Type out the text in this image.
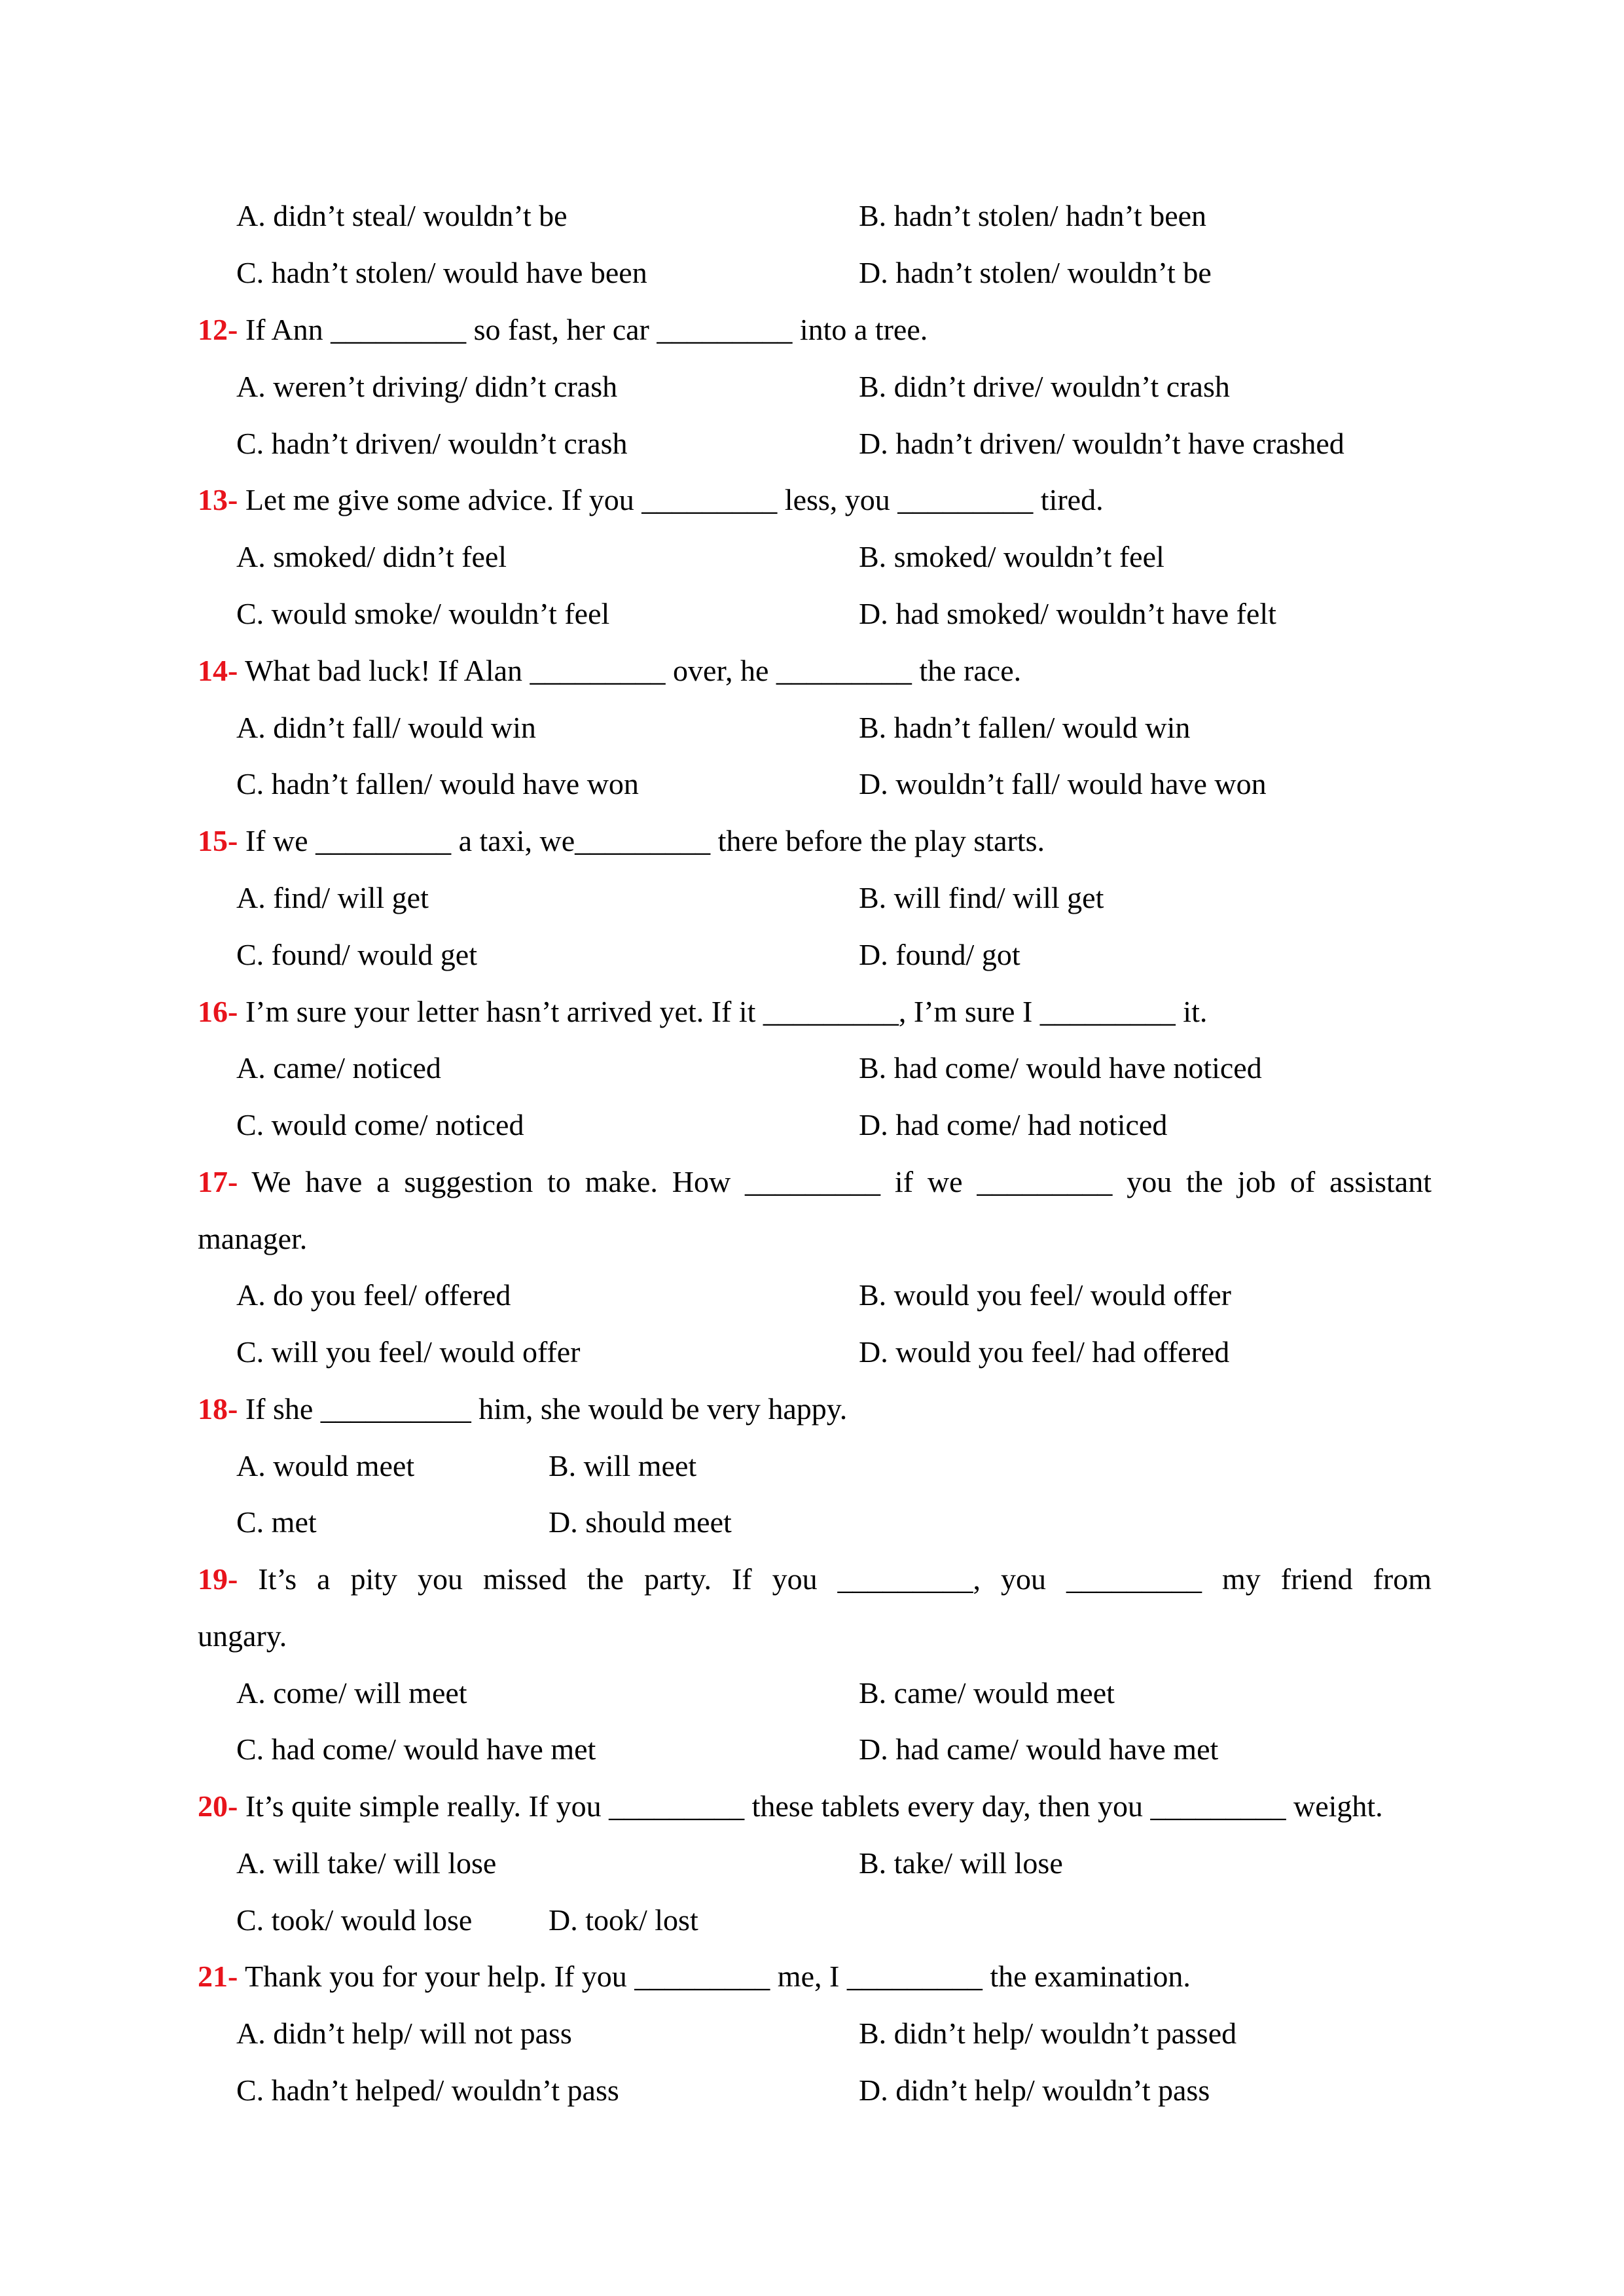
A. didn’t steal/ wouldn’t be	B. hadn’t stolen/ hadn’t been
C. hadn’t stolen/ would have been	D. hadn’t stolen/ wouldn’t be
12- If Ann _________ so fast, her car _________ into a tree.
A. weren’t driving/ didn’t crash	B. didn’t drive/ wouldn’t crash
C. hadn’t driven/ wouldn’t crash	D. hadn’t driven/ wouldn’t have crashed
13- Let me give some advice. If you _________ less, you _________ tired.
A. smoked/ didn’t feel	B. smoked/ wouldn’t feel
C. would smoke/ wouldn’t feel	D. had smoked/ wouldn’t have felt
14- What bad luck! If Alan _________ over, he _________ the race.
A. didn’t fall/ would win	B. hadn’t fallen/ would win
C. hadn’t fallen/ would have won	D. wouldn’t fall/ would have won
15- If we _________ a taxi, we_________ there before the play starts.
A. find/ will get	B. will find/ will get
C. found/ would get	D. found/ got
16- I’m sure your letter hasn’t arrived yet. If it _________, I’m sure I _________ it.
A. came/ noticed	B. had come/ would have noticed
C. would come/ noticed	D. had come/ had noticed
17- We have a suggestion to make. How _________ if we _________ you the job of assistant
manager.
A. do you feel/ offered	B. would you feel/ would offer
C. will you feel/ would offer	D. would you feel/ had offered
18- If she __________ him, she would be very happy.
A. would meet	B. will meet
C. met	D. should meet
19- It’s a pity you missed the party. If you _________, you _________ my friend from
ungary.
A. come/ will meet	B. came/ would meet
C. had come/ would have met	D. had came/ would have met
20- It’s quite simple really. If you _________ these tablets every day, then you _________ weight.
A. will take/ will lose	B. take/ will lose
C. took/ would lose	D. took/ lost
21- Thank you for your help. If you _________ me, I _________ the examination.
A. didn’t help/ will not pass	B. didn’t help/ wouldn’t passed
C. hadn’t helped/ wouldn’t pass	D. didn’t help/ wouldn’t pass
